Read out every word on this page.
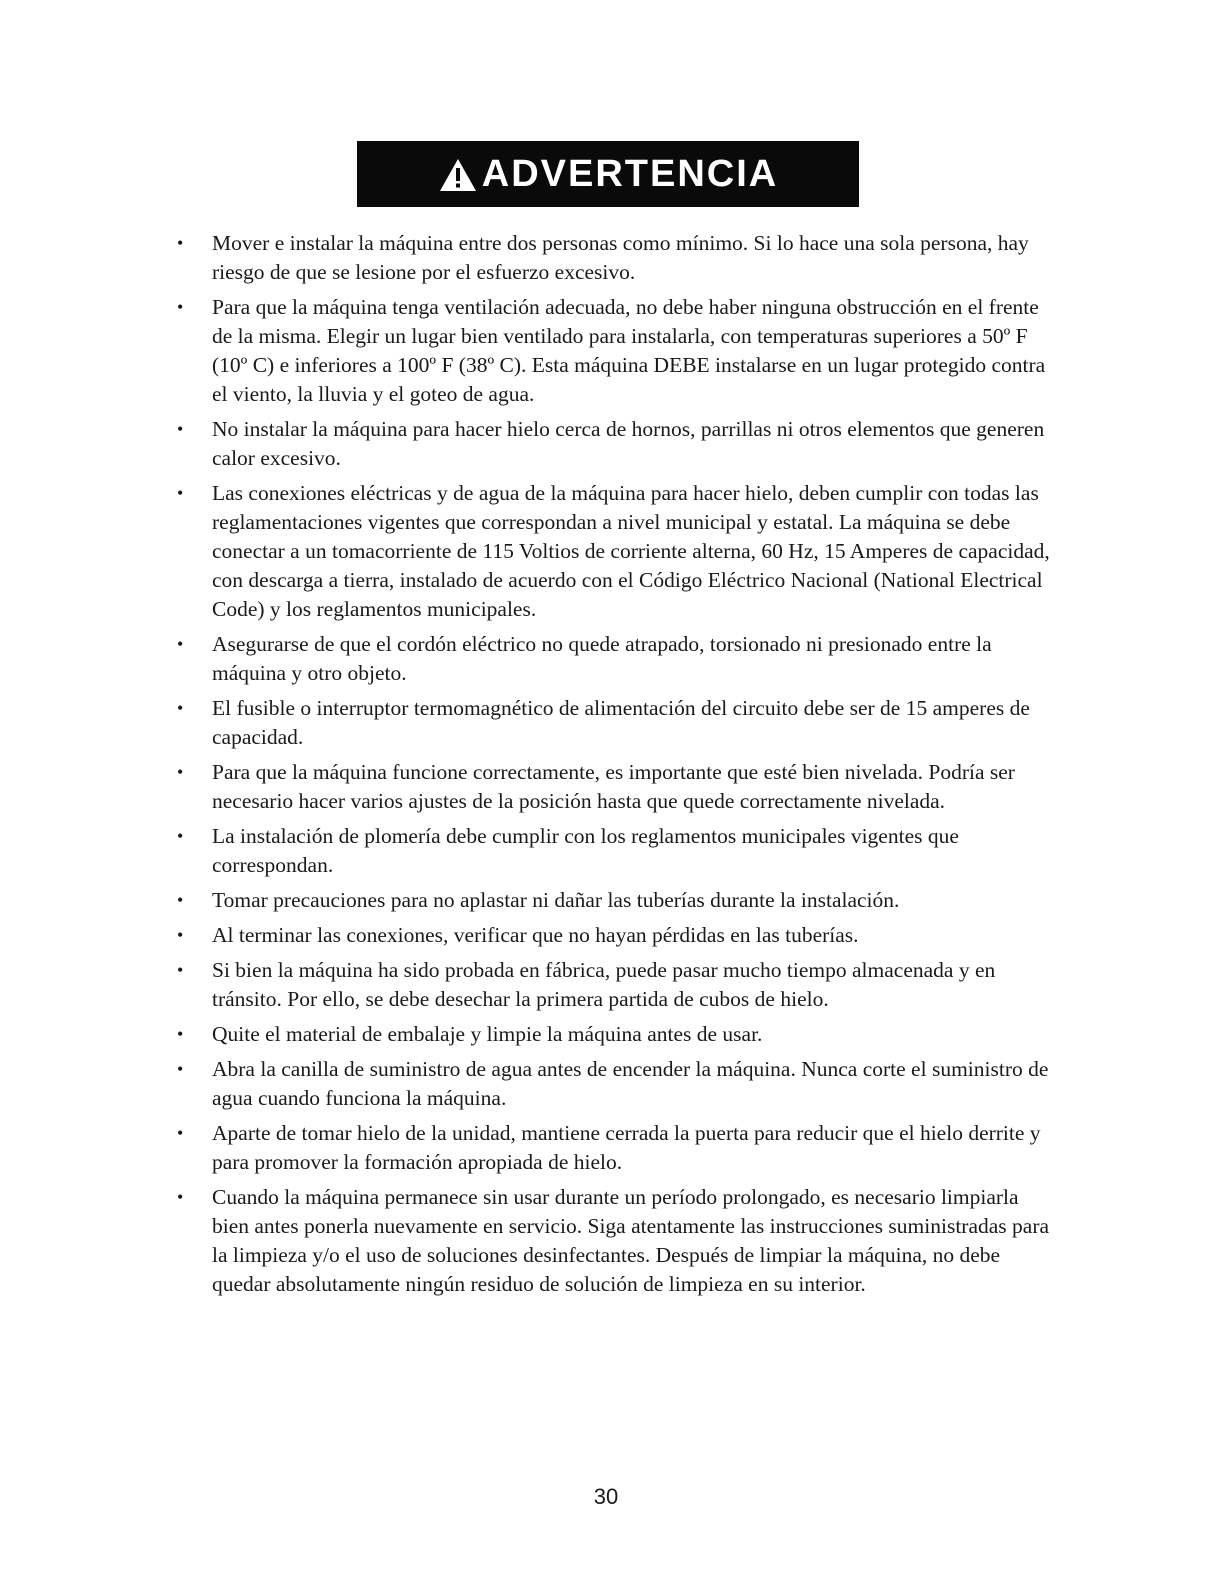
ADVERTENCIA
• Mover e instalar la máquina entre dos personas como mínimo. Si lo hace una sola persona, hay riesgo de que se lesione por el esfuerzo excesivo.
• Para que la máquina tenga ventilación adecuada, no debe haber ninguna obstrucción en el frente de la misma. Elegir un lugar bien ventilado para instalarla, con temperaturas superiores a 50º F (10º C) e inferiores a 100º F (38º C). Esta máquina DEBE instalarse en un lugar protegido contra el viento, la lluvia y el goteo de agua.
• No instalar la máquina para hacer hielo cerca de hornos, parrillas ni otros elementos que generen calor excesivo.
• Las conexiones eléctricas y de agua de la máquina para hacer hielo, deben cumplir con todas las reglamentaciones vigentes que correspondan a nivel municipal y estatal. La máquina se debe conectar a un tomacorriente de 115 Voltios de corriente alterna, 60 Hz, 15 Amperes de capacidad, con descarga a tierra, instalado de acuerdo con el Código Eléctrico Nacional (National Electrical Code) y los reglamentos municipales.
• Asegurarse de que el cordón eléctrico no quede atrapado, torsionado ni presionado entre la máquina y otro objeto.
• El fusible o interruptor termomagnético de alimentación del circuito debe ser de 15 amperes de capacidad.
• Para que la máquina funcione correctamente, es importante que esté bien nivelada. Podría ser necesario hacer varios ajustes de la posición hasta que quede correctamente nivelada.
• La instalación de plomería debe cumplir con los reglamentos municipales vigentes que correspondan.
• Tomar precauciones para no aplastar ni dañar las tuberías durante la instalación.
• Al terminar las conexiones, verificar que no hayan pérdidas en las tuberías.
• Si bien la máquina ha sido probada en fábrica, puede pasar mucho tiempo almacenada y en tránsito. Por ello, se debe desechar la primera partida de cubos de hielo.
• Quite el material de embalaje y limpie la máquina antes de usar.
• Abra la canilla de suministro de agua antes de encender la máquina. Nunca corte el suministro de agua cuando funciona la máquina.
• Aparte de tomar hielo de la unidad, mantiene cerrada la puerta para reducir que el hielo derrite y para promover la formación apropiada de hielo.
• Cuando la máquina permanece sin usar durante un período prolongado, es necesario limpiarla bien antes ponerla nuevamente en servicio. Siga atentamente las instrucciones suministradas para la limpieza y/o el uso de soluciones desinfectantes. Después de limpiar la máquina, no debe quedar absolutamente ningún residuo de solución de limpieza en su interior.
30
